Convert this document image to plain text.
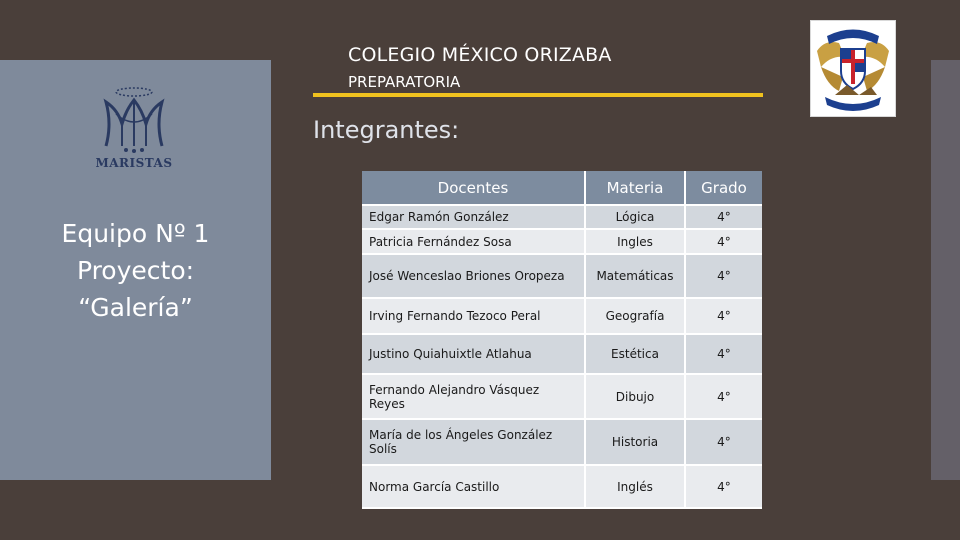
COLEGIO MÉXICO ORIZABA
PREPARATORIA
Integrantes:
MARISTAS
Equipo Nº 1
Proyecto:
“Galería”
Docentes	Materia	Grado
Edgar Ramón González	Lógica	4°
Patricia Fernández Sosa	Ingles	4°
José Wenceslao Briones Oropeza	Matemáticas	4°
Irving Fernando Tezoco Peral	Geografía	4°
Justino Quiahuixtle Atlahua	Estética	4°
Fernando Alejandro Vásquez Reyes	Dibujo	4°
María de los Ángeles González Solís	Historia	4°
Norma García Castillo	Inglés	4°
